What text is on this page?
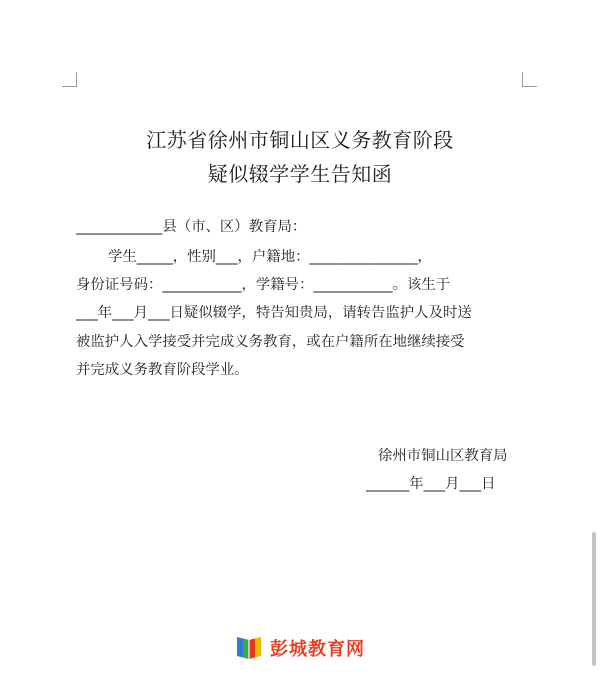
江苏省徐州市铜山区义务教育阶段
疑似辍学学生告知函
____________县（市、区）教育局：
学生_____，性别___，户籍地：_______________，
身份证号码：___________，学籍号：___________。该生于
___年___月___日疑似辍学，特告知贵局，请转告监护人及时送
被监护人入学接受并完成义务教育，或在户籍所在地继续接受
并完成义务教育阶段学业。
徐州市铜山区教育局
______年___月___日
彭城教育网
